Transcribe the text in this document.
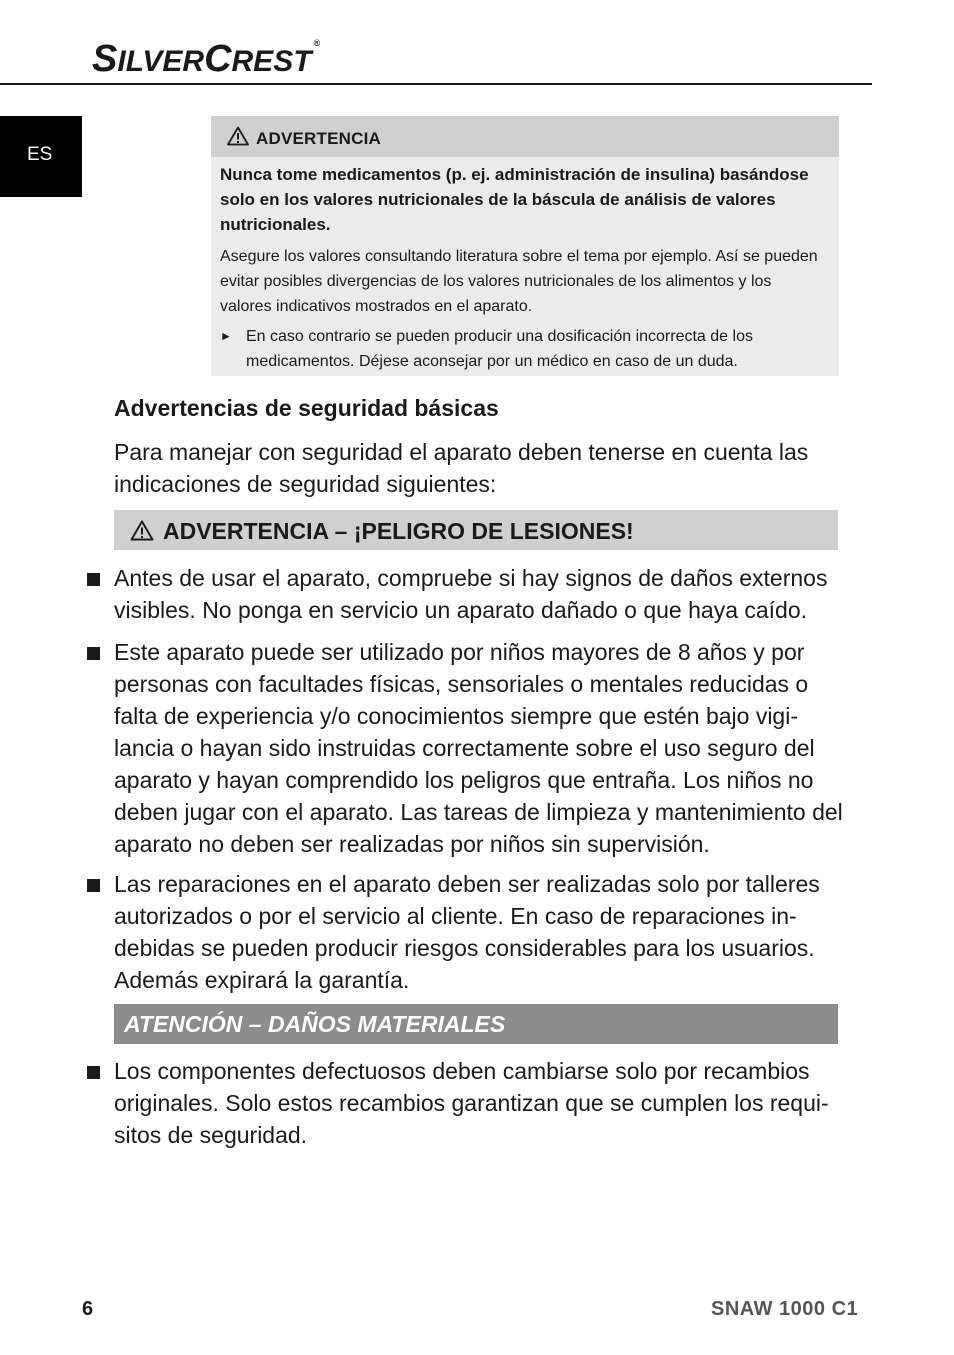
SILVERCREST®
ES
ADVERTENCIA
Nunca tome medicamentos (p. ej. administración de insulina) basándose solo en los valores nutricionales de la báscula de análisis de valores nutricionales.
Asegure los valores consultando literatura sobre el tema por ejemplo. Así se pueden evitar posibles divergencias de los valores nutricionales de los alimentos y los valores indicativos mostrados en el aparato.
► En caso contrario se pueden producir una dosificación incorrecta de los medicamentos. Déjese aconsejar por un médico en caso de un duda.
Advertencias de seguridad básicas
Para manejar con seguridad el aparato deben tenerse en cuenta las indicaciones de seguridad siguientes:
ADVERTENCIA – ¡PELIGRO DE LESIONES!
Antes de usar el aparato, compruebe si hay signos de daños externos visibles. No ponga en servicio un aparato dañado o que haya caído.
Este aparato puede ser utilizado por niños mayores de 8 años y por personas con facultades físicas, sensoriales o mentales reducidas o falta de experiencia y/o conocimientos siempre que estén bajo vigilancia o hayan sido instruidas correctamente sobre el uso seguro del aparato y hayan comprendido los peligros que entraña. Los niños no deben jugar con el aparato. Las tareas de limpieza y mantenimiento del aparato no deben ser realizadas por niños sin supervisión.
Las reparaciones en el aparato deben ser realizadas solo por talleres autorizados o por el servicio al cliente. En caso de reparaciones indebidas se pueden producir riesgos considerables para los usuarios. Además expirará la garantía.
ATENCIÓN – DAÑOS MATERIALES
Los componentes defectuosos deben cambiarse solo por recambios originales. Solo estos recambios garantizan que se cumplen los requisitos de seguridad.
6	SNAW 1000 C1
